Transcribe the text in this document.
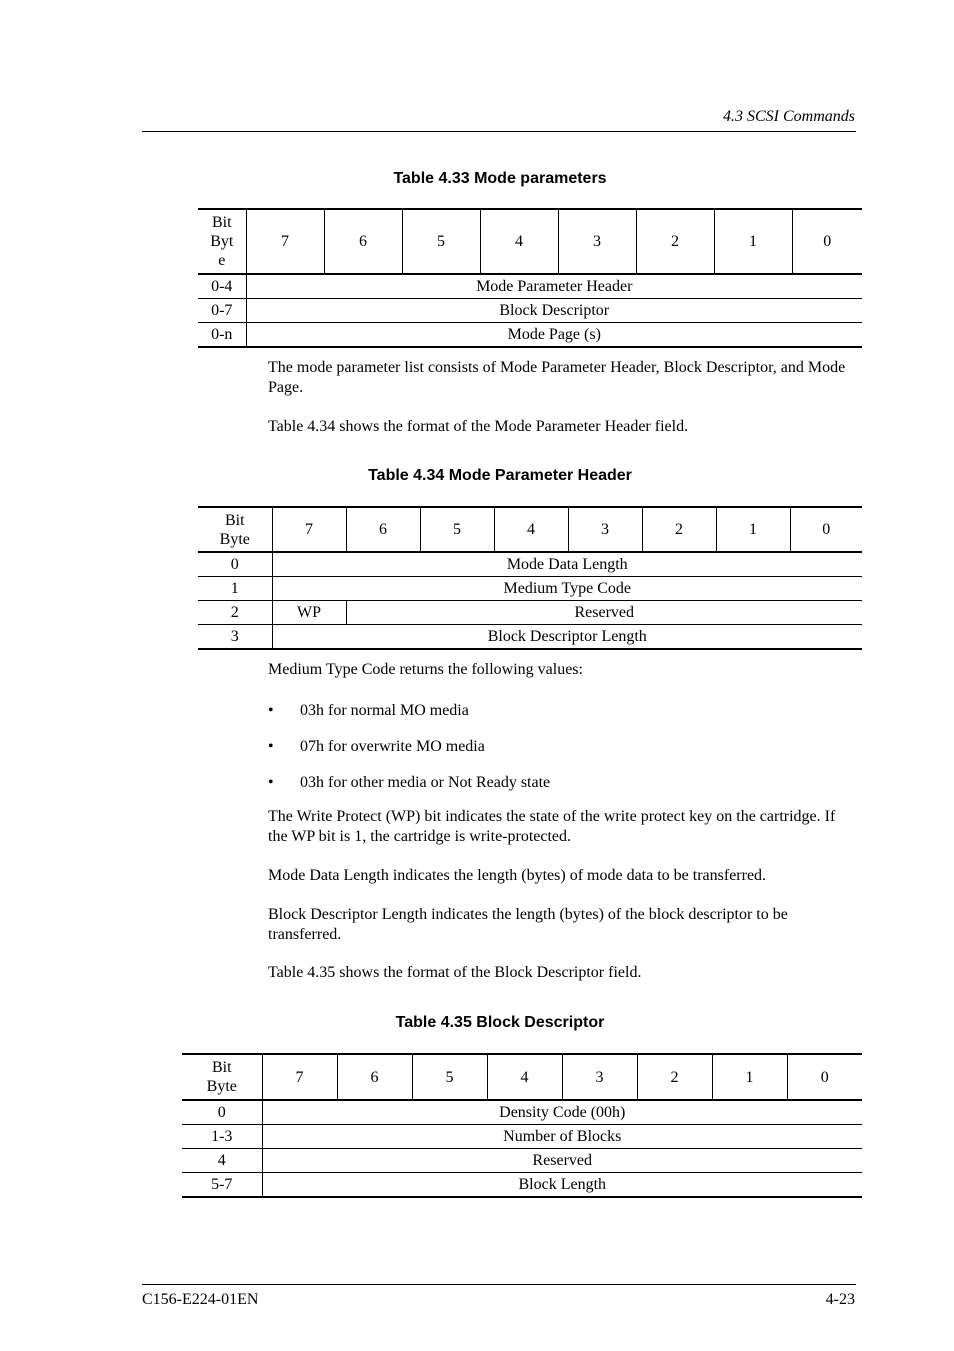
4.3 SCSI Commands
Table 4.33 Mode parameters
Bit
Byt
e	7	6	5	4	3	2	1	0
0-4	Mode Parameter Header							
0-7	Block Descriptor							
0-n	Mode Page (s)							
The mode parameter list consists of Mode Parameter Header, Block Descriptor, and Mode Page.
Table 4.34 shows the format of the Mode Parameter Header field.
Table 4.34 Mode Parameter Header
Bit
Byte	7	6	5	4	3	2	1	0
0	Mode Data Length							
1	Medium Type Code							
2	WP	Reserved						
3	Block Descriptor Length							
Medium Type Code returns the following values:
• 03h for normal MO media
• 07h for overwrite MO media
• 03h for other media or Not Ready state
The Write Protect (WP) bit indicates the state of the write protect key on the cartridge. If the WP bit is 1, the cartridge is write-protected.
Mode Data Length indicates the length (bytes) of mode data to be transferred.
Block Descriptor Length indicates the length (bytes) of the block descriptor to be transferred.
Table 4.35 shows the format of the Block Descriptor field.
Table 4.35 Block Descriptor
Bit
Byte	7	6	5	4	3	2	1	0
0	Density Code (00h)							
1-3	Number of Blocks							
4	Reserved							
5-7	Block Length							
C156-E224-01EN	4-23
